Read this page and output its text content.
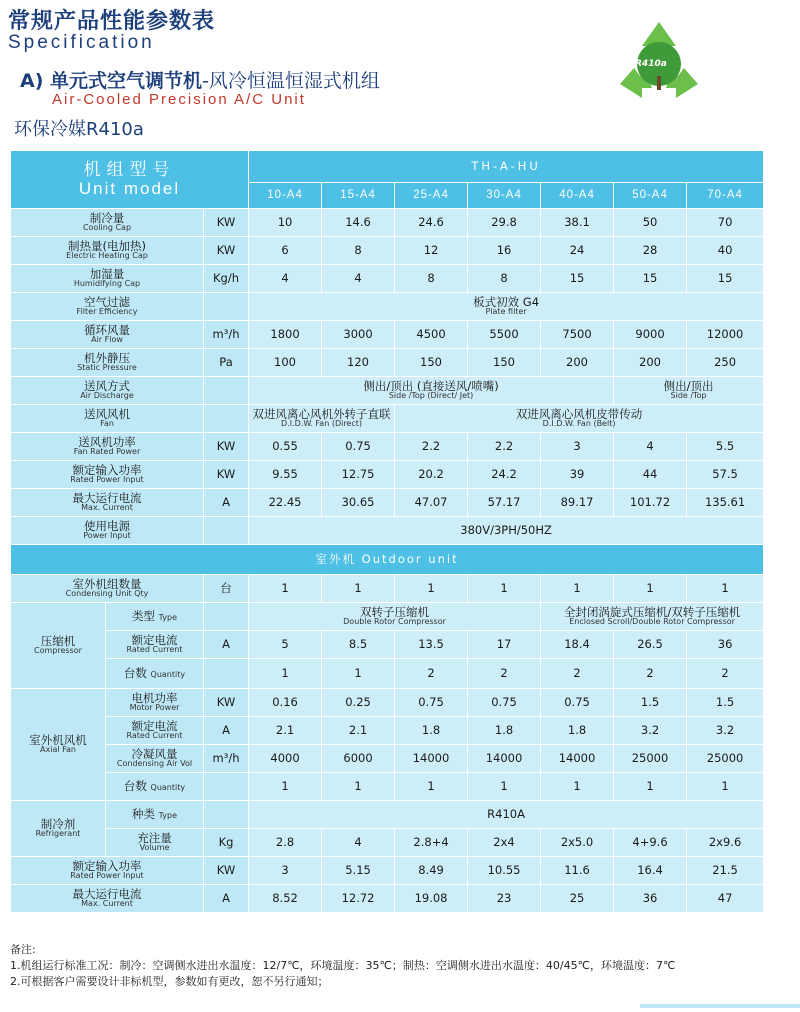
常规产品性能参数表
Specification
A) 单元式空气调节机-风冷恒温恒湿式机组
Air-Cooled Precision A/C Unit
环保冷媒R410a
R410a
机组型号
Unit model			TH-A-HU						
			10-A4	15-A4	25-A4	30-A4	40-A4	50-A4	70-A4

制冷量
Cooling Cap		KW	10	14.6	24.6	29.8	38.1	50	70

制热量(电加热)
Electric Heating Cap		KW	6	8	12	16	24	28	40

加湿量
Humidifying Cap		Kg/h	4	4	8	8	15	15	15

空气过滤
Filter Efficiency			板式初效 G4
Plate filter						

循环风量
Air Flow		m³/h	1800	3000	4500	5500	7500	9000	12000

机外静压
Static Pressure		Pa	100	120	150	150	200	200	250

送风方式
Air Discharge			侧出/顶出 (直接送风/喷嘴)
Side /Top (Direct/ Jet)					侧出/顶出
Side /Top	

送风风机
Fan			双进风离心风机外转子直联
D.I.D.W. Fan (Direct)		双进风离心风机皮带传动
D.I.D.W. Fan (Belt)				

送风机功率
Fan Rated Power		KW	0.55	0.75	2.2	2.2	3	4	5.5

额定输入功率
Rated Power Input		KW	9.55	12.75	20.2	24.2	39	44	57.5

最大运行电流
Max. Current		A	22.45	30.65	47.07	57.17	89.17	101.72	135.61

使用电源
Power Input			380V/3PH/50HZ						
室外机 Outdoor unit									

室外机组数量
Condensing Unit Qty		台	1	1	1	1	1	1	1

压缩机
Compressor	类型 Type		双转子压缩机
Double Rotor Compressor				全封闭涡旋式压缩机/双转子压缩机
Enclosed Scroll/Double Rotor Compressor		

	额定电流
Rated Current	A	5	8.5	13.5	17	18.4	26.5	36
	台数 Quantity		1	1	2	2	2	2	2

室外机风机
Axial Fan	电机功率
Motor Power	KW	0.16	0.25	0.75	0.75	0.75	1.5	1.5

	额定电流
Rated Current	A	2.1	2.1	1.8	1.8	1.8	3.2	3.2

	冷凝风量
Condensing Air Vol	m³/h	4000	6000	14000	14000	14000	25000	25000
	台数 Quantity		1	1	1	1	1	1	1

制冷剂
Refrigerant	种类 Type		R410A						

	充注量
Volume	Kg	2.8	4	2.8+4	2x4	2x5.0	4+9.6	2x9.6

额定输入功率
Rated Power Input		KW	3	5.15	8.49	10.55	11.6	16.4	21.5

最大运行电流
Max. Current		A	8.52	12.72	19.08	23	25	36	47
备注:
1.机组运行标准工况：制冷：空调侧水进出水温度：12/7℃，环境温度：35℃；制热：空调侧水进出水温度：40/45℃，环境温度：7℃
2.可根据客户需要设计非标机型，参数如有更改，恕不另行通知；
